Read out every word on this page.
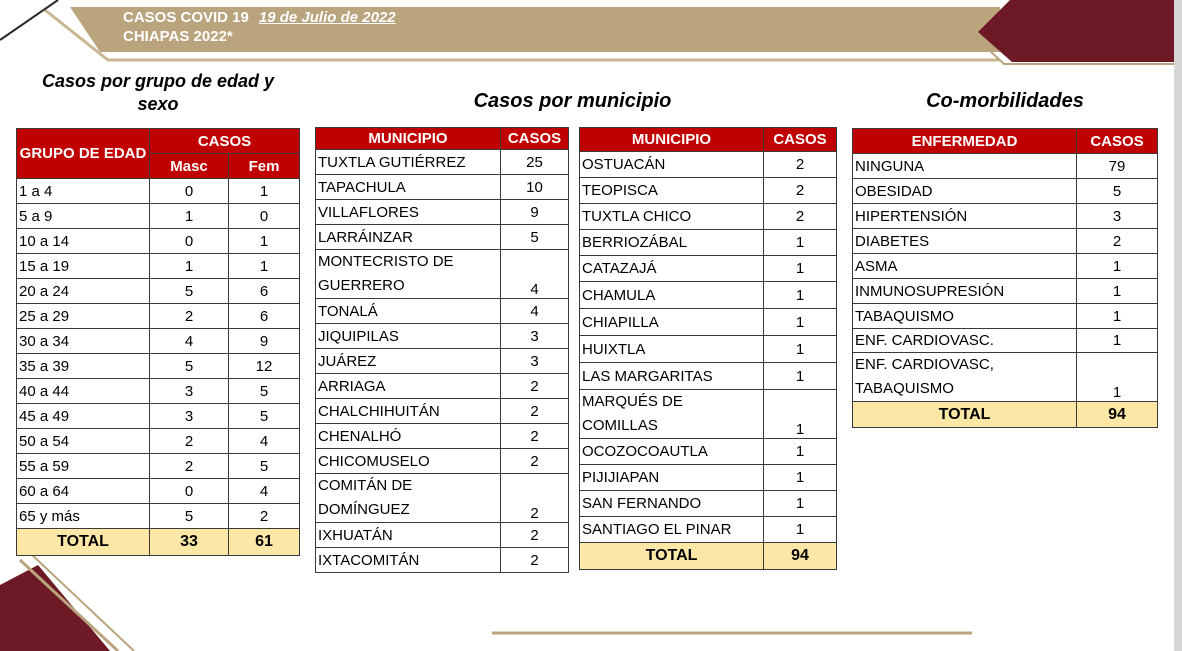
CASOS COVID 19 19 de Julio de 2022
CHIAPAS 2022*
Casos por grupo de edad y sexo	Casos por municipio	Co-morbilidades
GRUPO DE EDAD	CASOS	
	Masc	Fem
1 a 4	0	1
5 a 9	1	0
10 a 14	0	1
15 a 19	1	1
20 a 24	5	6
25 a 29	2	6
30 a 34	4	9
35 a 39	5	12
40 a 44	3	5
45 a 49	3	5
50 a 54	2	4
55 a 59	2	5
60 a 64	0	4
65 y más	5	2
TOTAL	33	61
MUNICIPIO	CASOS
TUXTLA GUTIÉRREZ	25
TAPACHULA	10
VILLAFLORES	9
LARRÁINZAR	5
MONTECRISTO DE GUERRERO	4
TONALÁ	4
JIQUIPILAS	3
JUÁREZ	3
ARRIAGA	2
CHALCHIHUITÁN	2
CHENALHÓ	2
CHICOMUSELO	2
COMITÁN DE DOMÍNGUEZ	2
IXHUATÁN	2
IXTACOMITÁN	2
MUNICIPIO	CASOS
OSTUACÁN	2
TEOPISCA	2
TUXTLA CHICO	2
BERRIOZÁBAL	1
CATAZAJÁ	1
CHAMULA	1
CHIAPILLA	1
HUIXTLA	1
LAS MARGARITAS	1
MARQUÉS DE COMILLAS	1
OCOZOCOAUTLA	1
PIJIJIAPAN	1
SAN FERNANDO	1
SANTIAGO EL PINAR	1
TOTAL	94
ENFERMEDAD	CASOS
NINGUNA	79
OBESIDAD	5
HIPERTENSIÓN	3
DIABETES	2
ASMA	1
INMUNOSUPRESIÓN	1
TABAQUISMO	1
ENF. CARDIOVASC.	1
ENF. CARDIOVASC, TABAQUISMO	1
TOTAL	94
